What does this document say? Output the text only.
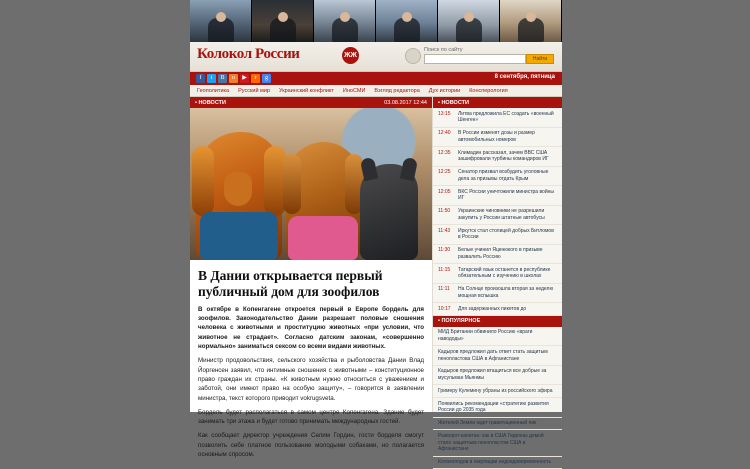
Колокол России	ЖЖ
Поиск по сайту
Найти
f	t	B	o	▶	r	g	8 сентября, пятница
Геополитика Русский мир Украинский конфликт ИноСМИ Взгляд редактора Дух истории Консперология
• НОВОСТИ	03.08.2017 12:44
В Дании открывается первый публичный дом для зоофилов
В октябре в Копенгагене откроется первый в Европе бордель для зоофилов. Законодательство Дании разрешает половые сношения человека с животными и проституцию животных «при условии, что животное не страдает». Согласно датским законам, «совершенно нормально» заниматься сексом со всеми видами животных.

Министр продовольствия, сельского хозяйства и рыболовства Дании Влад Йоргенсен заявил, что интимные сношения с животными – конституционное право граждан их страны. «К животным нужно относиться с уважением и заботой, они имеют право на особую защиту», – говорится в заявлении министра, текст которого приводит vokrugsveta.

Бордель будет располагаться в самом центре Копенгагена. Здание будет занимать три этажа и будет готово принимать международных гостей.

Как сообщает директор учреждения Селим Гордин, гости борделя смогут позволить себе платное пользование молодыми собаками, но полагается основным спросом.

• НОВОСТИ
13:15	Литва предложила ЕС создать «военный Шенген»
12:40	В России изменят дозы и размер автомобильных номеров
12:35	Климадин рассказал, зачем ВВС США зашифровали турбины командиров ИГ
12:25	Сенатор призвал возбудить уголовные дела за призывы отдать Крым
12:05	ВКС России уничтожили министра войны ИГ
11:50	Украинские чиновники не разрешили закупить у России штатные автобусы
11:43	Иркутск стал столицей добрых Битломов в России
11:30	Белые учинил Яценюкого в призыве развалить Россию
11:15	Татарский язык останется в республике обязательным с изучению в школах
11:11	На Солнце произошла вторая за неделю мощная вспышка
10:17	Для задержанных пикетов до
• ПОПУЛЯРНОЕ
МИД Британии обвинило Россию «враги навододы»
Кадыров предложил дать ответ стать защитым пенопластова США в Афганистане
Кадыров предложил втащиться все добрые за мусульман Мьянмы
Гримеру Кулемину убраны из российского эфира
Появились рекомендации «стратегию развития России до 2035 года
Жителей Земли ждет гравитационный пик
Разворот-капитан: как в США Гедеоны домой стало защитным пенопластом США в Афганистане
Колоколодов в оккупации недоедовеременность
